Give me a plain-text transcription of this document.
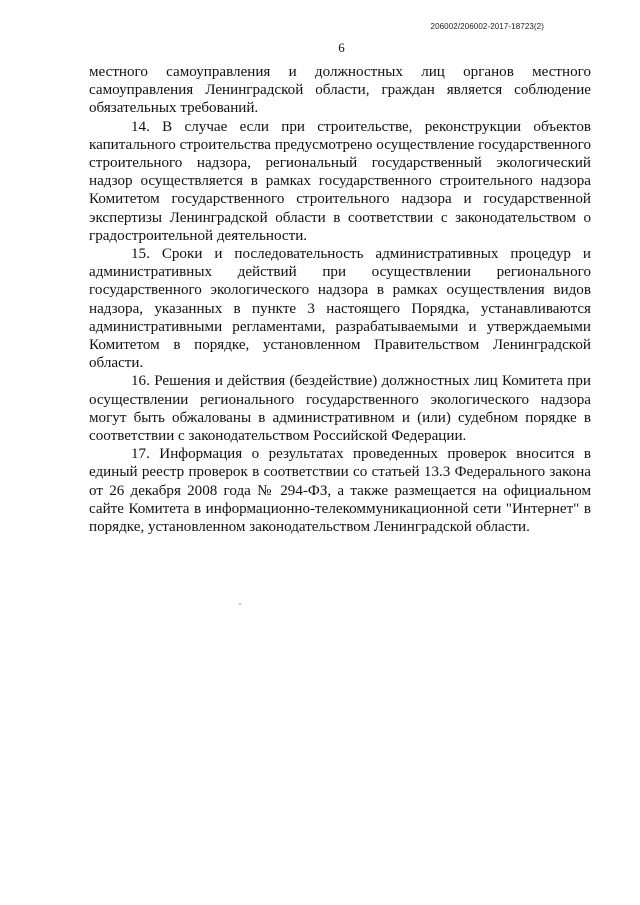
206002/206002-2017-18723(2)
6

местного самоуправления и должностных лиц органов местного самоуправления Ленинградской области, граждан является соблюдение обязательных требований.

14. В случае если при строительстве, реконструкции объектов капитального строительства предусмотрено осуществление государственного строительного надзора, региональный государственный экологический надзор осуществляется в рамках государственного строительного надзора Комитетом государственного строительного надзора и государственной экспертизы Ленинградской области в соответствии с законодательством о градостроительной деятельности.

15. Сроки и последовательность административных процедур и административных действий при осуществлении регионального государственного экологического надзора в рамках осуществления видов надзора, указанных в пункте 3 настоящего Порядка, устанавливаются административными регламентами, разрабатываемыми и утверждаемыми Комитетом в порядке, установленном Правительством Ленинградской области.

16. Решения и действия (бездействие) должностных лиц Комитета при осуществлении регионального государственного экологического надзора могут быть обжалованы в административном и (или) судебном порядке в соответствии с законодательством Российской Федерации.

17. Информация о результатах проведенных проверок вносится в единый реестр проверок в соответствии со статьей 13.3 Федерального закона от 26 декабря 2008 года № 294-ФЗ, а также размещается на официальном сайте Комитета в информационно-телекоммуникационной сети "Интернет" в порядке, установленном законодательством Ленинградской области.
